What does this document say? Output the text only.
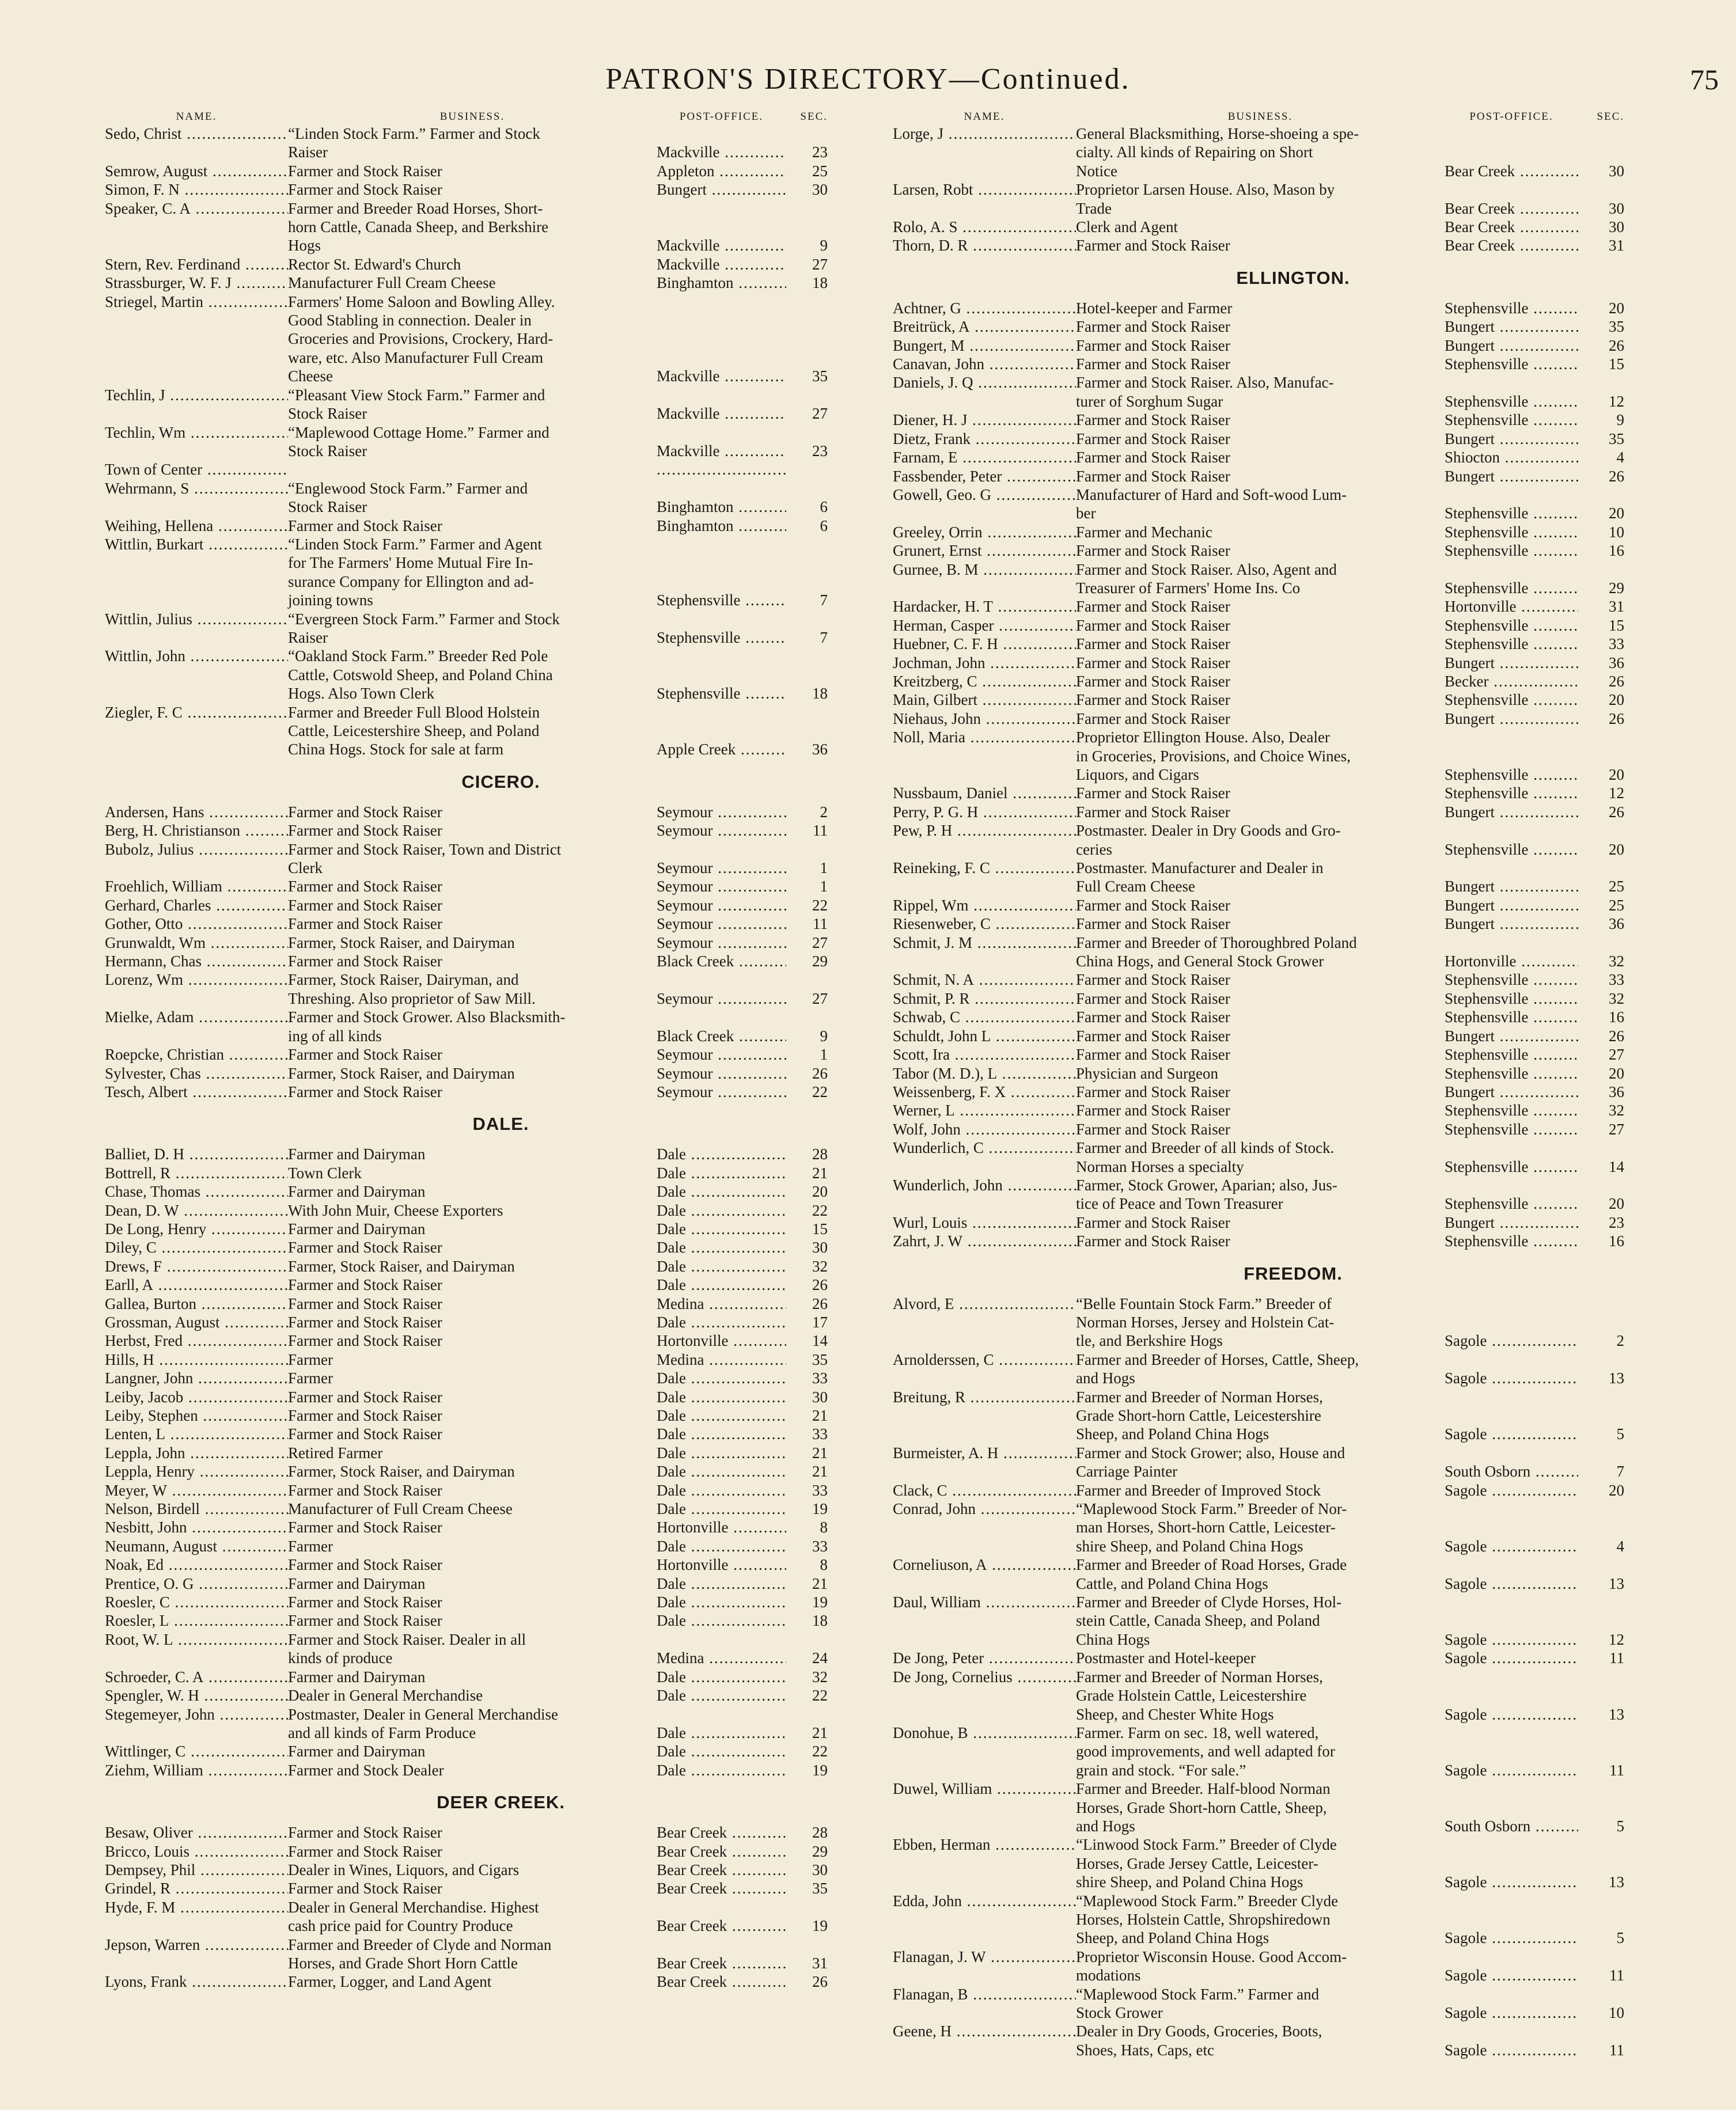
PATRON'S DIRECTORY—Continued.	75
NAME.	BUSINESS.	POST-OFFICE.	SEC.
Sedo, Christ .....	“Linden Stock Farm.” Farmer and Stock
Raiser	Mackville .....	23
Semrow, August .....	Farmer and Stock Raiser	Appleton .....	25
Simon, F. N .....	Farmer and Stock Raiser	Bungert .....	30
Speaker, C. A .....	Farmer and Breeder Road Horses, Short-
horn Cattle, Canada Sheep, and Berkshire
Hogs	Mackville .....	9
Stern, Rev. Ferdinand .....	Rector St. Edward's Church	Mackville .....	27
Strassburger, W. F. J .....	Manufacturer Full Cream Cheese	Binghamton .....	18
Striegel, Martin .....	Farmers' Home Saloon and Bowling Alley.
Good Stabling in connection. Dealer in
Groceries and Provisions, Crockery, Hard-
ware, etc. Also Manufacturer Full Cream
Cheese	Mackville .....	35
Techlin, J .....	“Pleasant View Stock Farm.” Farmer and
Stock Raiser	Mackville .....	27
Techlin, Wm .....	“Maplewood Cottage Home.” Farmer and
Stock Raiser	Mackville .....	23
Town of Center .....
.....
Wehrmann, S .....	“Englewood Stock Farm.” Farmer and
Stock Raiser	Binghamton .....	6
Weihing, Hellena .....	Farmer and Stock Raiser	Binghamton .....	6
Wittlin, Burkart .....	“Linden Stock Farm.” Farmer and Agent
for The Farmers' Home Mutual Fire In-
surance Company for Ellington and ad-
joining towns	Stephensville .....	7
Wittlin, Julius .....	“Evergreen Stock Farm.” Farmer and Stock
Raiser	Stephensville .....	7
Wittlin, John .....	“Oakland Stock Farm.” Breeder Red Pole
Cattle, Cotswold Sheep, and Poland China
Hogs. Also Town Clerk	Stephensville .....	18
Ziegler, F. C .....	Farmer and Breeder Full Blood Holstein
Cattle, Leicestershire Sheep, and Poland
China Hogs. Stock for sale at farm	Apple Creek .....	36
CICERO.
Andersen, Hans .....	Farmer and Stock Raiser	Seymour .....	2
Berg, H. Christianson .....	Farmer and Stock Raiser	Seymour .....	11
Bubolz, Julius .....	Farmer and Stock Raiser, Town and District
Clerk	Seymour .....	1
Froehlich, William .....	Farmer and Stock Raiser	Seymour .....	1
Gerhard, Charles .....	Farmer and Stock Raiser	Seymour .....	22
Gother, Otto .....	Farmer and Stock Raiser	Seymour .....	11
Grunwaldt, Wm .....	Farmer, Stock Raiser, and Dairyman	Seymour .....	27
Hermann, Chas .....	Farmer and Stock Raiser	Black Creek .....	29
Lorenz, Wm .....	Farmer, Stock Raiser, Dairyman, and
Threshing. Also proprietor of Saw Mill.	Seymour .....	27
Mielke, Adam .....	Farmer and Stock Grower. Also Blacksmith-
ing of all kinds	Black Creek .....	9
Roepcke, Christian .....	Farmer and Stock Raiser	Seymour .....	1
Sylvester, Chas .....	Farmer, Stock Raiser, and Dairyman	Seymour .....	26
Tesch, Albert .....	Farmer and Stock Raiser	Seymour .....	22
DALE.
Balliet, D. H .....	Farmer and Dairyman	Dale .....	28
Bottrell, R .....	Town Clerk	Dale .....	21
Chase, Thomas .....	Farmer and Dairyman	Dale .....	20
Dean, D. W .....	With John Muir, Cheese Exporters	Dale .....	22
De Long, Henry .....	Farmer and Dairyman	Dale .....	15
Diley, C .....	Farmer and Stock Raiser	Dale .....	30
Drews, F .....	Farmer, Stock Raiser, and Dairyman	Dale .....	32
Earll, A .....	Farmer and Stock Raiser	Dale .....	26
Gallea, Burton .....	Farmer and Stock Raiser	Medina .....	26
Grossman, August .....	Farmer and Stock Raiser	Dale .....	17
Herbst, Fred .....	Farmer and Stock Raiser	Hortonville .....	14
Hills, H .....	Farmer	Medina .....	35
Langner, John .....	Farmer	Dale .....	33
Leiby, Jacob .....	Farmer and Stock Raiser	Dale .....	30
Leiby, Stephen .....	Farmer and Stock Raiser	Dale .....	21
Lenten, L .....	Farmer and Stock Raiser	Dale .....	33
Leppla, John .....	Retired Farmer	Dale .....	21
Leppla, Henry .....	Farmer, Stock Raiser, and Dairyman	Dale .....	21
Meyer, W .....	Farmer and Stock Raiser	Dale .....	33
Nelson, Birdell .....	Manufacturer of Full Cream Cheese	Dale .....	19
Nesbitt, John .....	Farmer and Stock Raiser	Hortonville .....	8
Neumann, August .....	Farmer	Dale .....	33
Noak, Ed .....	Farmer and Stock Raiser	Hortonville .....	8
Prentice, O. G .....	Farmer and Dairyman	Dale .....	21
Roesler, C .....	Farmer and Stock Raiser	Dale .....	19
Roesler, L .....	Farmer and Stock Raiser	Dale .....	18
Root, W. L .....	Farmer and Stock Raiser. Dealer in all
kinds of produce	Medina .....	24
Schroeder, C. A .....	Farmer and Dairyman	Dale .....	32
Spengler, W. H .....	Dealer in General Merchandise	Dale .....	22
Stegemeyer, John .....	Postmaster, Dealer in General Merchandise
and all kinds of Farm Produce	Dale .....	21
Wittlinger, C .....	Farmer and Dairyman	Dale .....	22
Ziehm, William .....	Farmer and Stock Dealer	Dale .....	19
DEER CREEK.
Besaw, Oliver .....	Farmer and Stock Raiser	Bear Creek .....	28
Bricco, Louis .....	Farmer and Stock Raiser	Bear Creek .....	29
Dempsey, Phil .....	Dealer in Wines, Liquors, and Cigars	Bear Creek .....	30
Grindel, R .....	Farmer and Stock Raiser	Bear Creek .....	35
Hyde, F. M .....	Dealer in General Merchandise. Highest
cash price paid for Country Produce	Bear Creek .....	19
Jepson, Warren .....	Farmer and Breeder of Clyde and Norman
Horses, and Grade Short Horn Cattle	Bear Creek .....	31
Lyons, Frank .....	Farmer, Logger, and Land Agent	Bear Creek .....	26
NAME.	BUSINESS.	POST-OFFICE.	SEC.
Lorge, J .....	General Blacksmithing, Horse-shoeing a spe-
cialty. All kinds of Repairing on Short
Notice	Bear Creek .....	30
Larsen, Robt .....	Proprietor Larsen House. Also, Mason by
Trade	Bear Creek .....	30
Rolo, A. S .....	Clerk and Agent	Bear Creek .....	30
Thorn, D. R .....	Farmer and Stock Raiser	Bear Creek .....	31
ELLINGTON.
Achtner, G .....	Hotel-keeper and Farmer	Stephensville .....	20
Breitrück, A .....	Farmer and Stock Raiser	Bungert .....	35
Bungert, M .....	Farmer and Stock Raiser	Bungert .....	26
Canavan, John .....	Farmer and Stock Raiser	Stephensville .....	15
Daniels, J. Q .....	Farmer and Stock Raiser. Also, Manufac-
turer of Sorghum Sugar	Stephensville .....	12
Diener, H. J .....	Farmer and Stock Raiser	Stephensville .....	9
Dietz, Frank .....	Farmer and Stock Raiser	Bungert .....	35
Farnam, E .....	Farmer and Stock Raiser	Shiocton .....	4
Fassbender, Peter .....	Farmer and Stock Raiser	Bungert .....	26
Gowell, Geo. G .....	Manufacturer of Hard and Soft-wood Lum-
ber	Stephensville .....	20
Greeley, Orrin .....	Farmer and Mechanic	Stephensville .....	10
Grunert, Ernst .....	Farmer and Stock Raiser	Stephensville .....	16
Gurnee, B. M .....	Farmer and Stock Raiser. Also, Agent and
Treasurer of Farmers' Home Ins. Co	Stephensville .....	29
Hardacker, H. T .....	Farmer and Stock Raiser	Hortonville .....	31
Herman, Casper .....	Farmer and Stock Raiser	Stephensville .....	15
Huebner, C. F. H .....	Farmer and Stock Raiser	Stephensville .....	33
Jochman, John .....	Farmer and Stock Raiser	Bungert .....	36
Kreitzberg, C .....	Farmer and Stock Raiser	Becker .....	26
Main, Gilbert .....	Farmer and Stock Raiser	Stephensville .....	20
Niehaus, John .....	Farmer and Stock Raiser	Bungert .....	26
Noll, Maria .....	Proprietor Ellington House. Also, Dealer
in Groceries, Provisions, and Choice Wines,
Liquors, and Cigars	Stephensville .....	20
Nussbaum, Daniel .....	Farmer and Stock Raiser	Stephensville .....	12
Perry, P. G. H .....	Farmer and Stock Raiser	Bungert .....	26
Pew, P. H .....	Postmaster. Dealer in Dry Goods and Gro-
ceries	Stephensville .....	20
Reineking, F. C .....	Postmaster. Manufacturer and Dealer in
Full Cream Cheese	Bungert .....	25
Rippel, Wm .....	Farmer and Stock Raiser	Bungert .....	25
Riesenweber, C .....	Farmer and Stock Raiser	Bungert .....	36
Schmit, J. M .....	Farmer and Breeder of Thoroughbred Poland
China Hogs, and General Stock Grower	Hortonville .....	32
Schmit, N. A .....	Farmer and Stock Raiser	Stephensville .....	33
Schmit, P. R .....	Farmer and Stock Raiser	Stephensville .....	32
Schwab, C .....	Farmer and Stock Raiser	Stephensville .....	16
Schuldt, John L .....	Farmer and Stock Raiser	Bungert .....	26
Scott, Ira .....	Farmer and Stock Raiser	Stephensville .....	27
Tabor (M. D.), L .....	Physician and Surgeon	Stephensville .....	20
Weissenberg, F. X .....	Farmer and Stock Raiser	Bungert .....	36
Werner, L .....	Farmer and Stock Raiser	Stephensville .....	32
Wolf, John .....	Farmer and Stock Raiser	Stephensville .....	27
Wunderlich, C .....	Farmer and Breeder of all kinds of Stock.
Norman Horses a specialty	Stephensville .....	14
Wunderlich, John .....	Farmer, Stock Grower, Aparian; also, Jus-
tice of Peace and Town Treasurer	Stephensville .....	20
Wurl, Louis .....	Farmer and Stock Raiser	Bungert .....	23
Zahrt, J. W .....	Farmer and Stock Raiser	Stephensville .....	16
FREEDOM.
Alvord, E .....	“Belle Fountain Stock Farm.” Breeder of
Norman Horses, Jersey and Holstein Cat-
tle, and Berkshire Hogs	Sagole .....	2
Arnolderssen, C .....	Farmer and Breeder of Horses, Cattle, Sheep,
and Hogs	Sagole .....	13
Breitung, R .....	Farmer and Breeder of Norman Horses,
Grade Short-horn Cattle, Leicestershire
Sheep, and Poland China Hogs	Sagole .....	5
Burmeister, A. H .....	Farmer and Stock Grower; also, House and
Carriage Painter	South Osborn .....	7
Clack, C .....	Farmer and Breeder of Improved Stock	Sagole .....	20
Conrad, John .....	“Maplewood Stock Farm.” Breeder of Nor-
man Horses, Short-horn Cattle, Leicester-
shire Sheep, and Poland China Hogs	Sagole .....	4
Corneliuson, A .....	Farmer and Breeder of Road Horses, Grade
Cattle, and Poland China Hogs	Sagole .....	13
Daul, William .....	Farmer and Breeder of Clyde Horses, Hol-
stein Cattle, Canada Sheep, and Poland
China Hogs	Sagole .....	12
De Jong, Peter .....	Postmaster and Hotel-keeper	Sagole .....	11
De Jong, Cornelius .....	Farmer and Breeder of Norman Horses,
Grade Holstein Cattle, Leicestershire
Sheep, and Chester White Hogs	Sagole .....	13
Donohue, B .....	Farmer. Farm on sec. 18, well watered,
good improvements, and well adapted for
grain and stock. “For sale.”	Sagole .....	11
Duwel, William .....	Farmer and Breeder. Half-blood Norman
Horses, Grade Short-horn Cattle, Sheep,
and Hogs	South Osborn .....	5
Ebben, Herman .....	“Linwood Stock Farm.” Breeder of Clyde
Horses, Grade Jersey Cattle, Leicester-
shire Sheep, and Poland China Hogs	Sagole .....	13
Edda, John .....	“Maplewood Stock Farm.” Breeder Clyde
Horses, Holstein Cattle, Shropshiredown
Sheep, and Poland China Hogs	Sagole .....	5
Flanagan, J. W .....	Proprietor Wisconsin House. Good Accom-
modations	Sagole .....	11
Flanagan, B .....	“Maplewood Stock Farm.” Farmer and
Stock Grower	Sagole .....	10
Geene, H .....	Dealer in Dry Goods, Groceries, Boots,
Shoes, Hats, Caps, etc	Sagole .....	11
